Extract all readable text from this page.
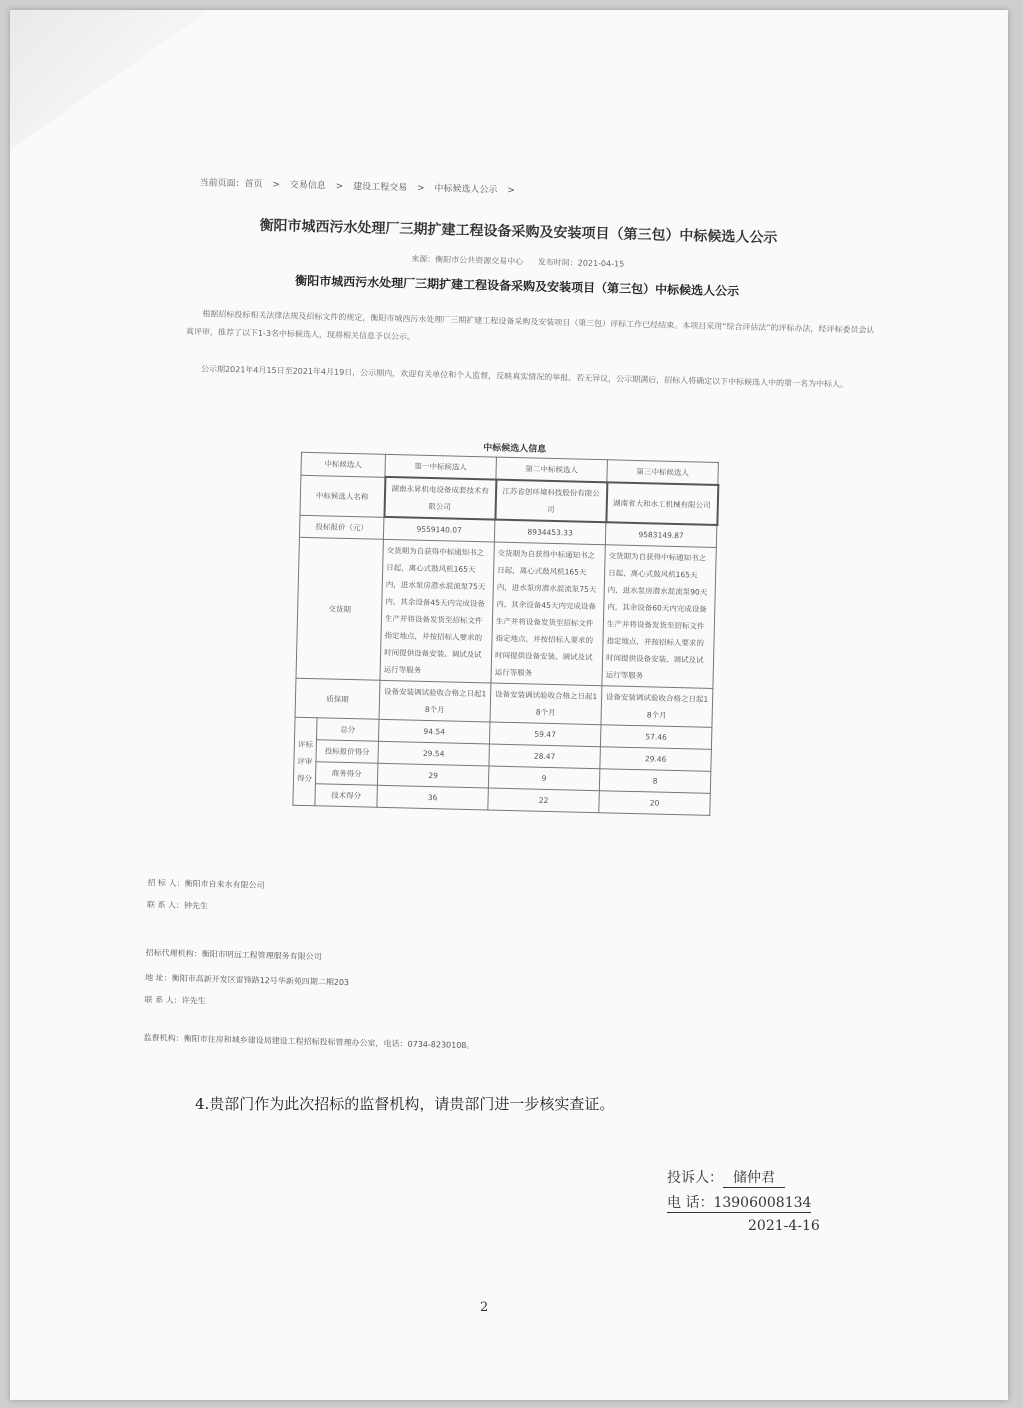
当前页面：首页 > 交易信息 > 建设工程交易 > 中标候选人公示 >
衡阳市城西污水处理厂三期扩建工程设备采购及安装项目（第三包）中标候选人公示
来源：衡阳市公共资源交易中心 发布时间：2021-04-15
衡阳市城西污水处理厂三期扩建工程设备采购及安装项目（第三包）中标候选人公示
根据招标投标相关法律法规及招标文件的规定，衡阳市城西污水处理厂三期扩建工程设备采购及安装项目（第三包）评标工作已经结束。本项目采用“综合评估法”的评标办法，经评标委员会认真评审，推荐了以下1-3名中标候选人，现将相关信息予以公示。
公示期2021年4月15日至2021年4月19日，公示期内，欢迎有关单位和个人监督，反映真实情况的举报。若无异议，公示期满后，招标人将确定以下中标候选人中的第一名为中标人。
中标候选人信息
中标候选人		第一中标候选人	第二中标候选人	第三中标候选人
中标候选人名称		湖南永昇机电设备成套技术有限公司	江苏省创环境科技股份有限公司	湖南省大和水工机械有限公司
投标报价（元）		9559140.07	8934453.33	9583149.87
交货期		交货期为自获得中标通知书之日起，离心式鼓风机165天内，进水泵房潜水混流泵75天内，其余设备45天内完成设备生产并将设备发货至招标文件指定地点，并按招标人要求的时间提供设备安装、调试及试运行等服务	交货期为自获得中标通知书之日起，离心式鼓风机165天内，进水泵房潜水混流泵75天内，其余设备45天内完成设备生产并将设备发货至招标文件指定地点，并按招标人要求的时间提供设备安装、调试及试运行等服务	交货期为自获得中标通知书之日起，离心式鼓风机165天内，进水泵房潜水混流泵90天内，其余设备60天内完成设备生产并将设备发货至招标文件指定地点，并按招标人要求的时间提供设备安装、调试及试运行等服务
质保期		设备安装调试验收合格之日起18个月	设备安装调试验收合格之日起18个月	设备安装调试验收合格之日起18个月
评标评审得分	总分	94.54	59.47	57.46
	投标报价得分	29.54	28.47	29.46
	商务得分	29	9	8
	技术得分	36	22	20
招 标 人：衡阳市自来水有限公司
联 系 人：钟先生
招标代理机构：衡阳市明远工程管理服务有限公司
地 址：衡阳市高新开发区雷锋路12号华新苑四期二期203
联 系 人：许先生
监督机构：衡阳市住房和城乡建设局建设工程招标投标管理办公室，电话：0734-8230108。
4.贵部门作为此次招标的监督机构，请贵部门进一步核实查证。
投诉人： 储仲君
电 话：13906008134
2021-4-16
2
